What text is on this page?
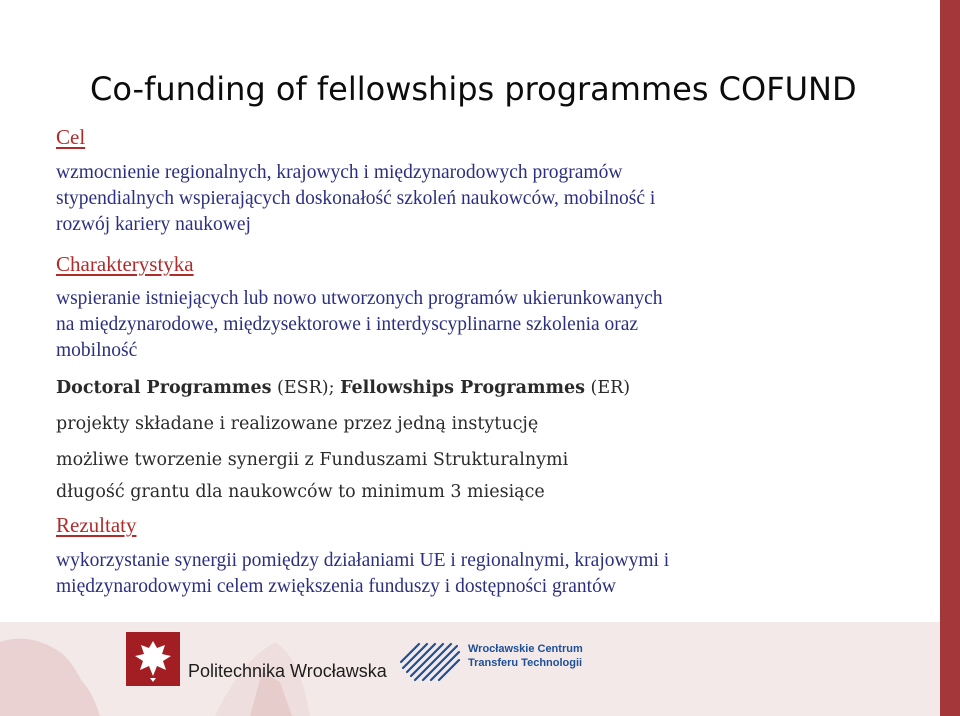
Politechnika Wrocławska
Wrocławskie Centrum
Transferu Technologii
Co-funding of fellowships programmes COFUND
Cel
wzmocnienie regionalnych, krajowych i międzynarodowych programów
stypendialnych wspierających doskonałość szkoleń naukowców, mobilność i
rozwój kariery naukowej
Charakterystyka
wspieranie istniejących lub nowo utworzonych programów ukierunkowanych
na międzynarodowe, międzysektorowe i interdyscyplinarne szkolenia oraz
mobilność
Doctoral Programmes (ESR); Fellowships Programmes (ER)
projekty składane i realizowane przez jedną instytucję
możliwe tworzenie synergii z Funduszami Strukturalnymi
długość grantu dla naukowców to minimum 3 miesiące
Rezultaty
wykorzystanie synergii pomiędzy działaniami UE i regionalnymi, krajowymi i
międzynarodowymi celem zwiększenia funduszy i dostępności grantów
